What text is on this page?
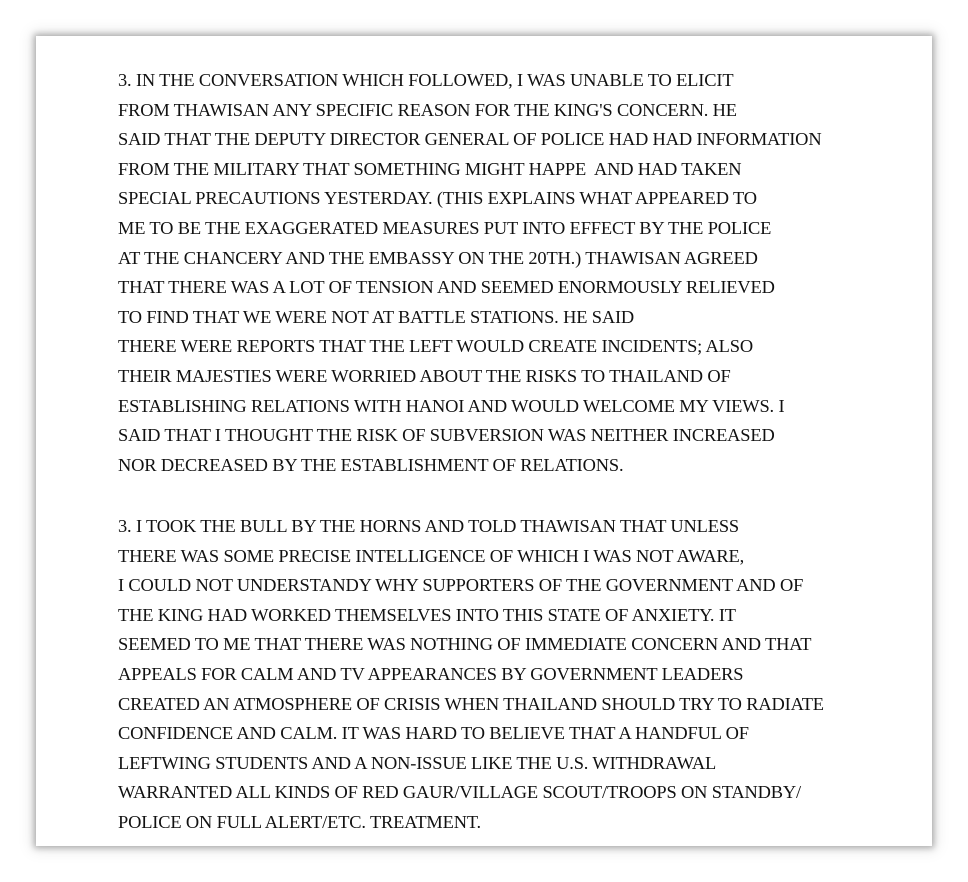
3. IN THE CONVERSATION WHICH FOLLOWED, I WAS UNABLE TO ELICIT
FROM THAWISAN ANY SPECIFIC REASON FOR THE KING'S CONCERN. HE
SAID THAT THE DEPUTY DIRECTOR GENERAL OF POLICE HAD HAD INFORMATION
FROM THE MILITARY THAT SOMETHING MIGHT HAPPE  AND HAD TAKEN
SPECIAL PRECAUTIONS YESTERDAY. (THIS EXPLAINS WHAT APPEARED TO
ME TO BE THE EXAGGERATED MEASURES PUT INTO EFFECT BY THE POLICE
AT THE CHANCERY AND THE EMBASSY ON THE 20TH.) THAWISAN AGREED
THAT THERE WAS A LOT OF TENSION AND SEEMED ENORMOUSLY RELIEVED
TO FIND THAT WE WERE NOT AT BATTLE STATIONS. HE SAID
THERE WERE REPORTS THAT THE LEFT WOULD CREATE INCIDENTS; ALSO
THEIR MAJESTIES WERE WORRIED ABOUT THE RISKS TO THAILAND OF
ESTABLISHING RELATIONS WITH HANOI AND WOULD WELCOME MY VIEWS. I
SAID THAT I THOUGHT THE RISK OF SUBVERSION WAS NEITHER INCREASED
NOR DECREASED BY THE ESTABLISHMENT OF RELATIONS.
3. I TOOK THE BULL BY THE HORNS AND TOLD THAWISAN THAT UNLESS
THERE WAS SOME PRECISE INTELLIGENCE OF WHICH I WAS NOT AWARE,
I COULD NOT UNDERSTANDY WHY SUPPORTERS OF THE GOVERNMENT AND OF
THE KING HAD WORKED THEMSELVES INTO THIS STATE OF ANXIETY. IT
SEEMED TO ME THAT THERE WAS NOTHING OF IMMEDIATE CONCERN AND THAT
APPEALS FOR CALM AND TV APPEARANCES BY GOVERNMENT LEADERS
CREATED AN ATMOSPHERE OF CRISIS WHEN THAILAND SHOULD TRY TO RADIATE
CONFIDENCE AND CALM. IT WAS HARD TO BELIEVE THAT A HANDFUL OF
LEFTWING STUDENTS AND A NON-ISSUE LIKE THE U.S. WITHDRAWAL
WARRANTED ALL KINDS OF RED GAUR/VILLAGE SCOUT/TROOPS ON STANDBY/
POLICE ON FULL ALERT/ETC. TREATMENT.
